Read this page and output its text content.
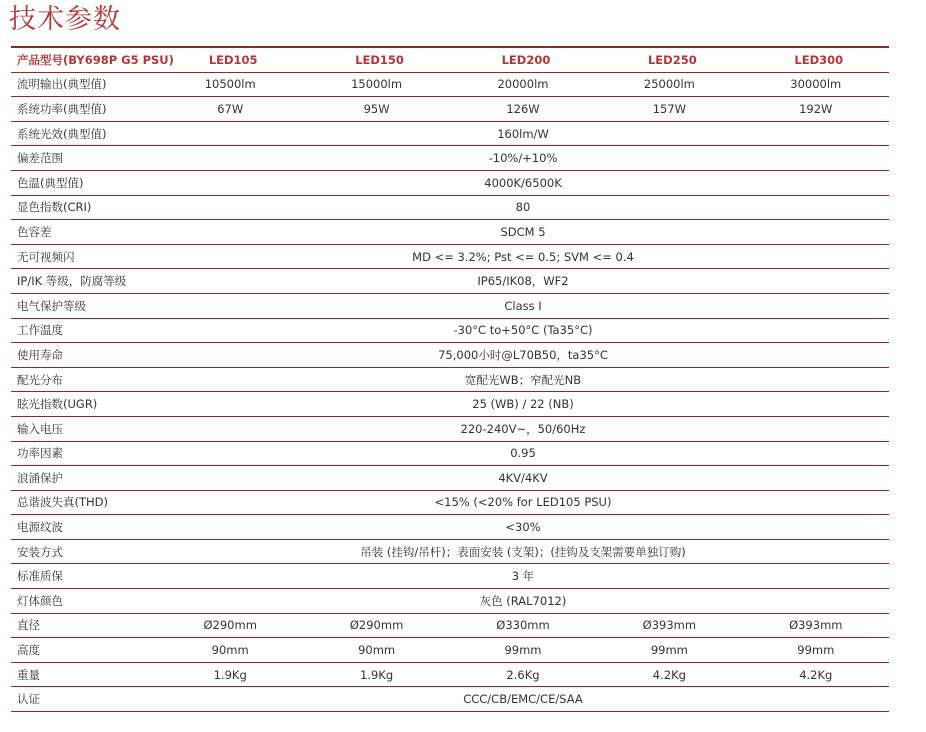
技术参数
产品型号(BY698P G5 PSU)	LED105	LED150	LED200	LED250	LED300
流明输出(典型值)	10500lm	15000lm	20000lm	25000lm	30000lm
系统功率(典型值)	67W	95W	126W	157W	192W
系统光效(典型值)	160lm/W				
偏差范围	-10%/+10%				
色温(典型值)	4000K/6500K				
显色指数(CRI)	80				
色容差	SDCM 5				
无可视频闪	MD <= 3.2%; Pst <= 0.5; SVM <= 0.4				
IP/IK 等级，防腐等级	IP65/IK08，WF2				
电气保护等级	Class I				
工作温度	-30°C to+50°C (Ta35°C)				
使用寿命	75,000小时@L70B50，ta35°C				
配光分布	宽配光WB；窄配光NB				
眩光指数(UGR)	25 (WB) / 22 (NB)				
输入电压	220-240V~，50/60Hz				
功率因素	0.95				
浪涌保护	4KV/4KV				
总谐波失真(THD)	<15% (<20% for LED105 PSU)				
电源纹波	<30%				
安装方式	吊装 (挂钩/吊杆)；表面安装 (支架)；(挂钩及支架需要单独订购)				
标准质保	3 年				
灯体颜色	灰色 (RAL7012)				
直径	Ø290mm	Ø290mm	Ø330mm	Ø393mm	Ø393mm
高度	90mm	90mm	99mm	99mm	99mm
重量	1.9Kg	1.9Kg	2.6Kg	4.2Kg	4.2Kg
认证	CCC/CB/EMC/CE/SAA				
